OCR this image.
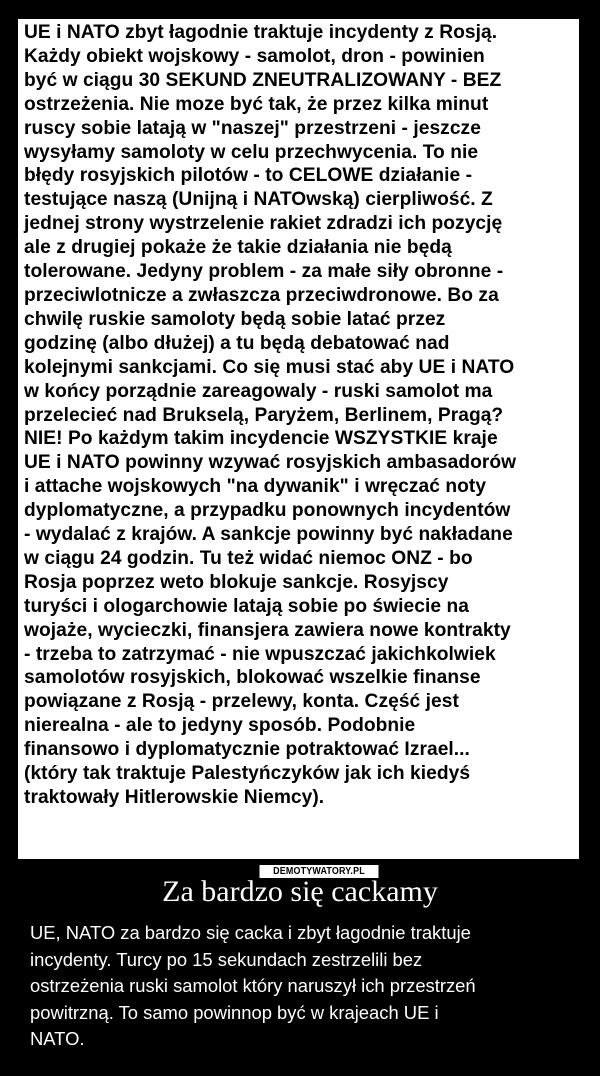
UE i NATO zbyt łagodnie traktuje incydenty z Rosją.
Każdy obiekt wojskowy - samolot, dron - powinien
być w ciągu 30 SEKUND ZNEUTRALIZOWANY - BEZ
ostrzeżenia. Nie moze być tak, że przez kilka minut
ruscy sobie latają w "naszej" przestrzeni - jeszcze
wysyłamy samoloty w celu przechwycenia. To nie
błędy rosyjskich pilotów - to CELOWE działanie -
testujące naszą (Unijną i NATOwską) cierpliwość. Z
jednej strony wystrzelenie rakiet zdradzi ich pozycję
ale z drugiej pokaże że takie działania nie będą
tolerowane. Jedyny problem - za małe siły obronne -
przeciwlotnicze a zwłaszcza przeciwdronowe. Bo za
chwilę ruskie samoloty będą sobie latać przez
godzinę (albo dłużej) a tu będą debatować nad
kolejnymi sankcjami. Co się musi stać aby UE i NATO
w końcy porządnie zareagowaly - ruski samolot ma
przelecieć nad Brukselą, Paryżem, Berlinem, Pragą?
NIE! Po każdym takim incydencie WSZYSTKIE kraje
UE i NATO powinny wzywać rosyjskich ambasadorów
i attache wojskowych "na dywanik" i wręczać noty
dyplomatyczne, a przypadku ponownych incydentów
- wydalać z krajów. A sankcje powinny być nakładane
w ciągu 24 godzin. Tu też widać niemoc ONZ - bo
Rosja poprzez weto blokuje sankcje. Rosyjscy
turyści i ologarchowie latają sobie po świecie na
wojaże, wycieczki, finansjera zawiera nowe kontrakty
- trzeba to zatrzymać - nie wpuszczać jakichkolwiek
samolotów rosyjskich, blokować wszelkie finanse
powiązane z Rosją - przelewy, konta. Część jest
nierealna - ale to jedyny sposób. Podobnie
finansowo i dyplomatycznie potraktować Izrael...
(który tak traktuje Palestyńczyków jak ich kiedyś
traktowały Hitlerowskie Niemcy).
DEMOTYWATORY.PL
Za bardzo się cackamy
UE, NATO za bardzo się cacka i zbyt łagodnie traktuje
incydenty. Turcy po 15 sekundach zestrzelili bez
ostrzeżenia ruski samolot który naruszył ich przestrzeń
powitrzną. To samo powinnop być w krajeach UE i
NATO.
